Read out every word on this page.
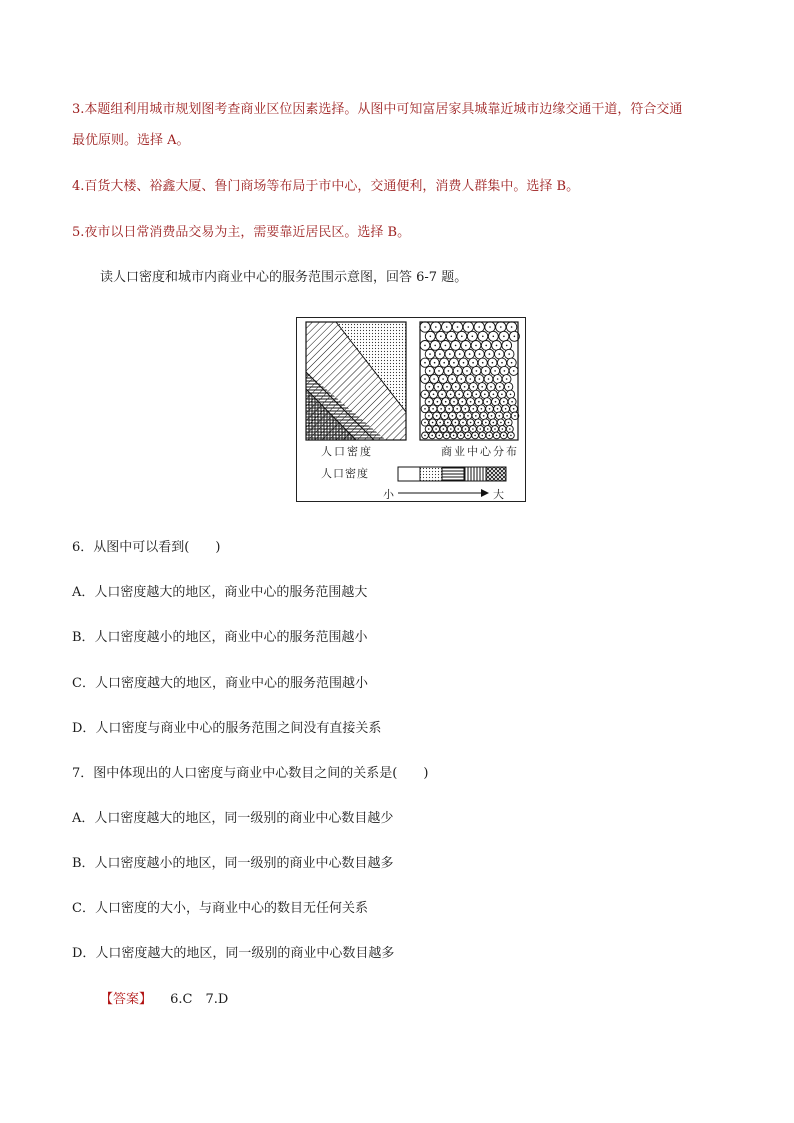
3.本题组利用城市规划图考查商业区位因素选择。从图中可知富居家具城靠近城市边缘交通干道，符合交通
最优原则。选择 A。
4.百货大楼、裕鑫大厦、鲁门商场等布局于市中心，交通便利，消费人群集中。选择 B。
5.夜市以日常消费品交易为主，需要靠近居民区。选择 B。
读人口密度和城市内商业中心的服务范围示意图，回答 6-7 题。
人口密度	商业中心分布
人口密度
小	大
6．从图中可以看到(　　)
A．人口密度越大的地区，商业中心的服务范围越大
B．人口密度越小的地区，商业中心的服务范围越小
C．人口密度越大的地区，商业中心的服务范围越小
D．人口密度与商业中心的服务范围之间没有直接关系
7．图中体现出的人口密度与商业中心数目之间的关系是(　　)
A．人口密度越大的地区，同一级别的商业中心数目越少
B．人口密度越小的地区，同一级别的商业中心数目越多
C．人口密度的大小，与商业中心的数目无任何关系
D．人口密度越大的地区，同一级别的商业中心数目越多
【答案】 6.C　7.D
